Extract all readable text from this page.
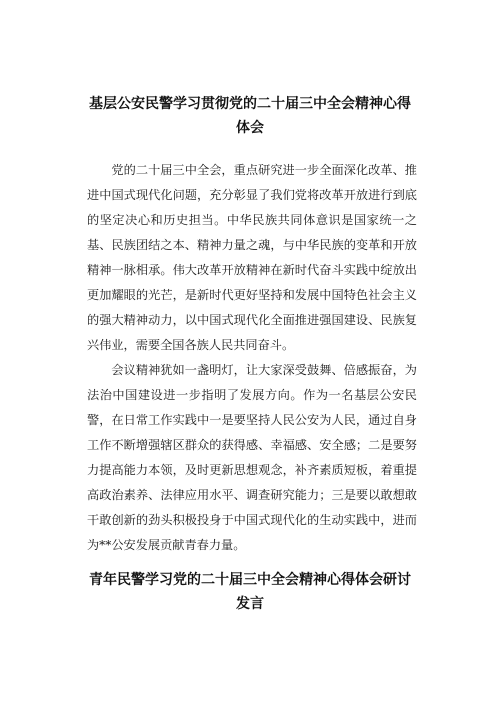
基层公安民警学习贯彻党的二十届三中全会精神心得
体会

党的二十届三中全会，重点研究进一步全面深化改革、推进中国式现代化问题，充分彰显了我们党将改革开放进行到底的坚定决心和历史担当。中华民族共同体意识是国家统一之基、民族团结之本、精神力量之魂，与中华民族的变革和开放精神一脉相承。伟大改革开放精神在新时代奋斗实践中绽放出更加耀眼的光芒，是新时代更好坚持和发展中国特色社会主义的强大精神动力，以中国式现代化全面推进强国建设、民族复兴伟业，需要全国各族人民共同奋斗。

会议精神犹如一盏明灯，让大家深受鼓舞、倍感振奋，为法治中国建设进一步指明了发展方向。作为一名基层公安民警，在日常工作实践中一是要坚持人民公安为人民，通过自身工作不断增强辖区群众的获得感、幸福感、安全感；二是要努力提高能力本领，及时更新思想观念，补齐素质短板，着重提高政治素养、法律应用水平、调查研究能力；三是要以敢想敢干敢创新的劲头积极投身于中国式现代化的生动实践中，进而为**公安发展贡献青春力量。

青年民警学习党的二十届三中全会精神心得体会研讨
发言
